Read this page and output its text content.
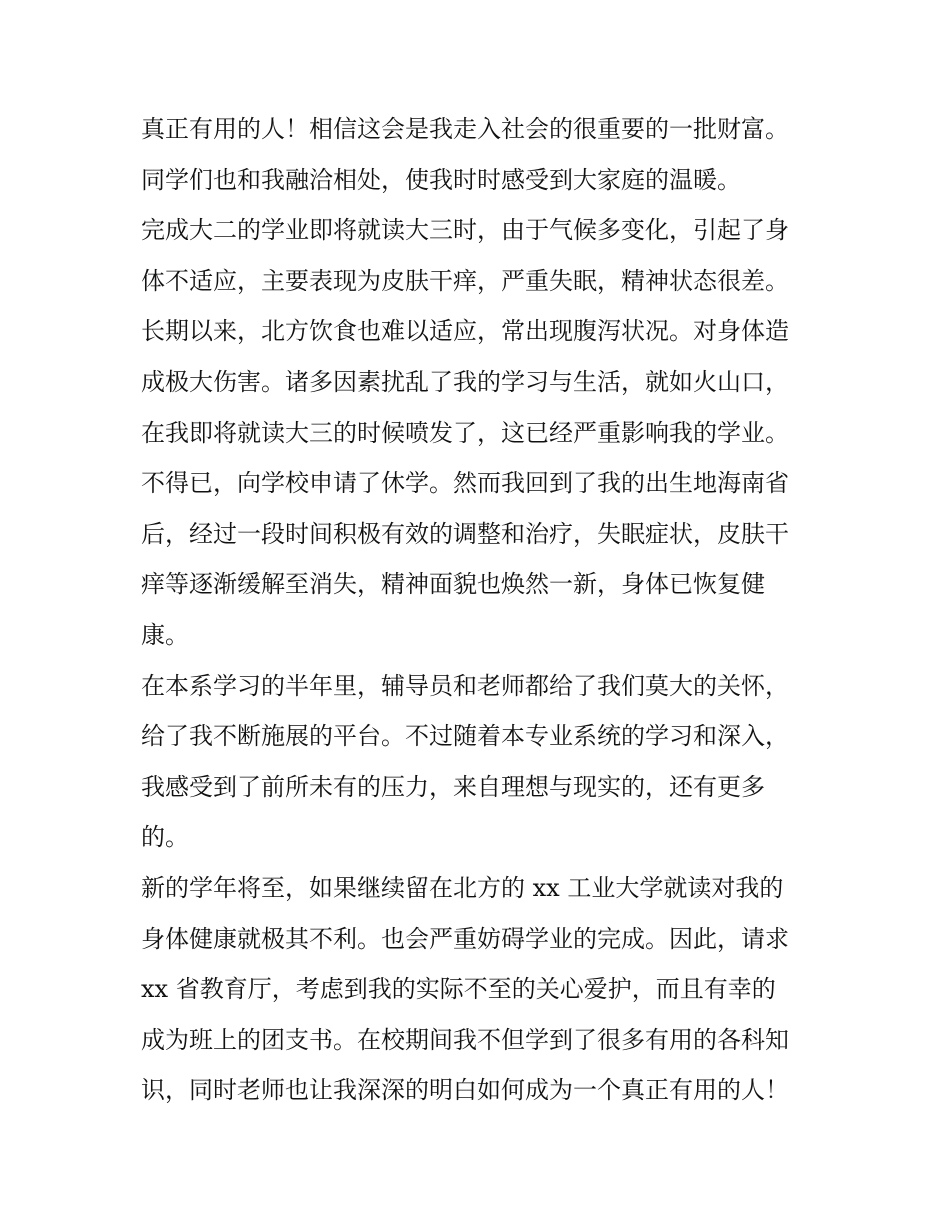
真正有用的人！相信这会是我走入社会的很重要的一批财富。
同学们也和我融洽相处，使我时时感受到大家庭的温暖。
完成大二的学业即将就读大三时，由于气候多变化，引起了身
体不适应，主要表现为皮肤干痒，严重失眠，精神状态很差。
长期以来，北方饮食也难以适应，常出现腹泻状况。对身体造
成极大伤害。诸多因素扰乱了我的学习与生活，就如火山口，
在我即将就读大三的时候喷发了，这已经严重影响我的学业。
不得已，向学校申请了休学。然而我回到了我的出生地海南省
后，经过一段时间积极有效的调整和治疗，失眠症状，皮肤干
痒等逐渐缓解至消失，精神面貌也焕然一新，身体已恢复健
康。
在本系学习的半年里，辅导员和老师都给了我们莫大的关怀，
给了我不断施展的平台。不过随着本专业系统的学习和深入，
我感受到了前所未有的压力，来自理想与现实的，还有更多
的。
新的学年将至，如果继续留在北方的 xx 工业大学就读对我的
身体健康就极其不利。也会严重妨碍学业的完成。因此，请求
xx 省教育厅，考虑到我的实际不至的关心爱护，而且有幸的
成为班上的团支书。在校期间我不但学到了很多有用的各科知
识，同时老师也让我深深的明白如何成为一个真正有用的人！
